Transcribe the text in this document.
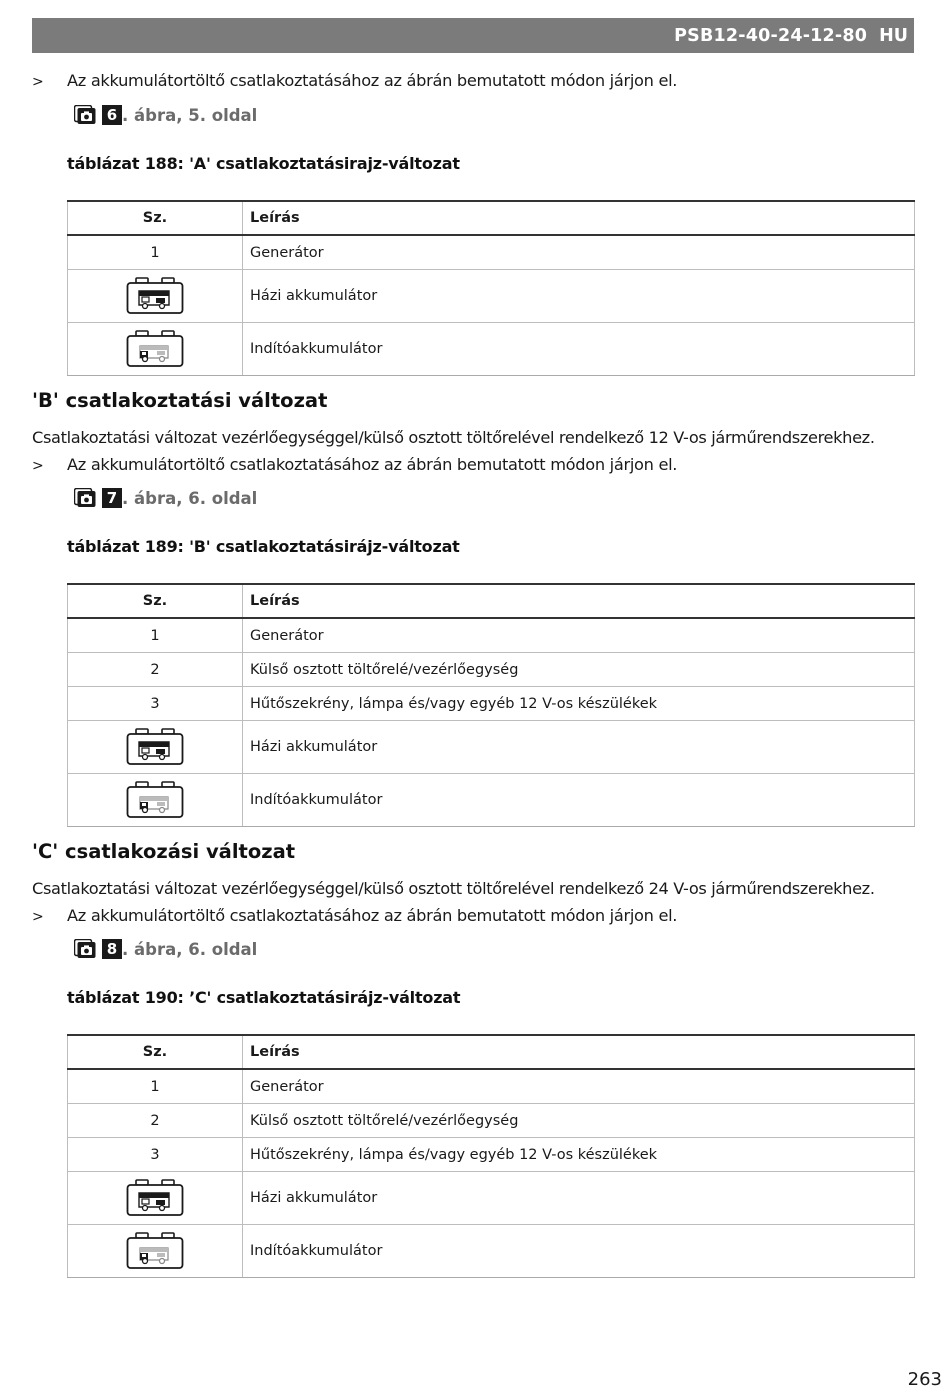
PSB12-40-24-12-80 HU
> Az akkumulátortöltő csatlakoztatásához az ábrán bemutatott módon járjon el.
6 . ábra, 5. oldal
táblázat 188: 'A' csatlakoztatásirajz-változat
Sz.	Leírás
1	Generátor
	Házi akkumulátor
	Indítóakkumulátor
'B' csatlakoztatási változat
Csatlakoztatási változat vezérlőegységgel/külső osztott töltőrelével rendelkező 12 V-os járműrendszerekhez.
> Az akkumulátortöltő csatlakoztatásához az ábrán bemutatott módon járjon el.
7 . ábra, 6. oldal
táblázat 189: 'B' csatlakoztatásirájz-változat
Sz.	Leírás
1	Generátor
2	Külső osztott töltőrelé/vezérlőegység
3	Hűtőszekrény, lámpa és/vagy egyéb 12 V-os készülékek
	Házi akkumulátor
	Indítóakkumulátor
'C' csatlakozási változat
Csatlakoztatási változat vezérlőegységgel/külső osztott töltőrelével rendelkező 24 V-os járműrendszerekhez.
> Az akkumulátortöltő csatlakoztatásához az ábrán bemutatott módon járjon el.
8 . ábra, 6. oldal
táblázat 190: ’C' csatlakoztatásirájz-változat
Sz.	Leírás
1	Generátor
2	Külső osztott töltőrelé/vezérlőegység
3	Hűtőszekrény, lámpa és/vagy egyéb 12 V-os készülékek
	Házi akkumulátor
	Indítóakkumulátor
263
